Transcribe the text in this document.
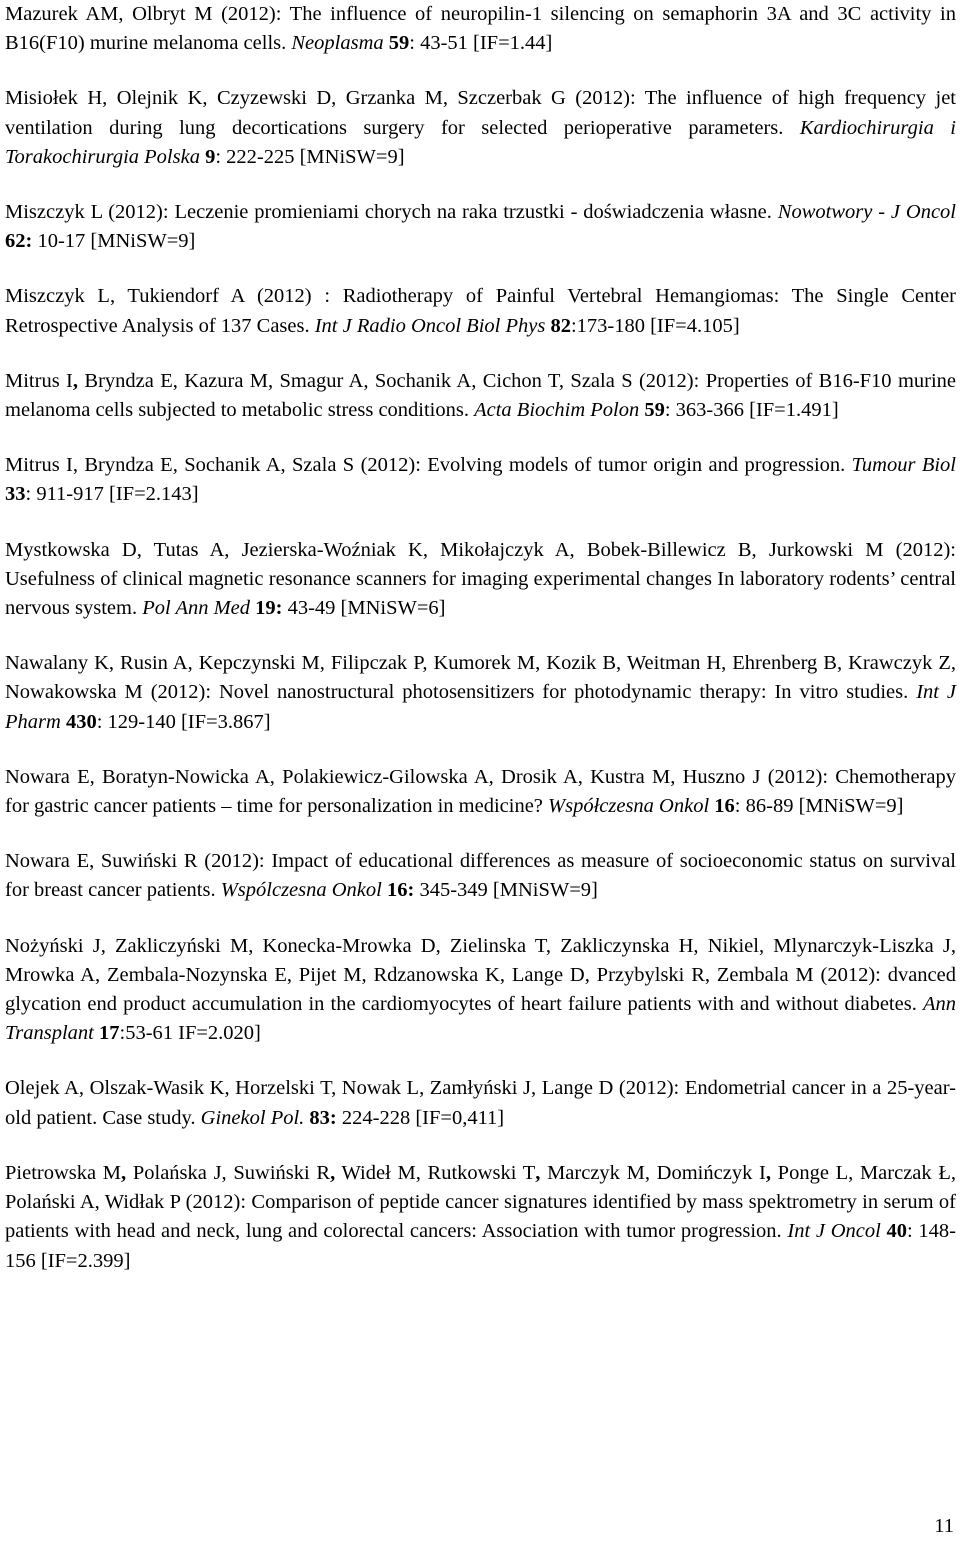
Mazurek AM, Olbryt M (2012): The influence of neuropilin-1 silencing on semaphorin 3A and 3C activity in B16(F10) murine melanoma cells. Neoplasma 59: 43-51 [IF=1.44]

Misiołek H, Olejnik K, Czyzewski D, Grzanka M, Szczerbak G (2012): The influence of high frequency jet ventilation during lung decortications surgery for selected perioperative parameters. Kardiochirurgia i Torakochirurgia Polska 9: 222-225 [MNiSW=9]

Miszczyk L (2012): Leczenie promieniami chorych na raka trzustki - doświadczenia własne. Nowotwory - J Oncol 62: 10-17 [MNiSW=9]

Miszczyk L, Tukiendorf A (2012) : Radiotherapy of Painful Vertebral Hemangiomas: The Single Center Retrospective Analysis of 137 Cases. Int J Radio Oncol Biol Phys 82:173-180 [IF=4.105]

Mitrus I, Bryndza E, Kazura M, Smagur A, Sochanik A, Cichon T, Szala S (2012): Properties of B16-F10 murine melanoma cells subjected to metabolic stress conditions. Acta Biochim Polon 59: 363-366 [IF=1.491]

Mitrus I, Bryndza E, Sochanik A, Szala S (2012): Evolving models of tumor origin and progression. Tumour Biol 33: 911-917 [IF=2.143]

Mystkowska D, Tutas A, Jezierska-Woźniak K, Mikołajczyk A, Bobek-Billewicz B, Jurkowski M (2012): Usefulness of clinical magnetic resonance scanners for imaging experimental changes In laboratory rodents’ central nervous system. Pol Ann Med 19: 43-49 [MNiSW=6]

Nawalany K, Rusin A, Kepczynski M, Filipczak P, Kumorek M, Kozik B, Weitman H, Ehrenberg B, Krawczyk Z, Nowakowska M (2012): Novel nanostructural photosensitizers for photodynamic therapy: In vitro studies. Int J Pharm 430: 129-140 [IF=3.867]

Nowara E, Boratyn-Nowicka A, Polakiewicz-Gilowska A, Drosik A, Kustra M, Huszno J (2012): Chemotherapy for gastric cancer patients – time for personalization in medicine? Współczesna Onkol 16: 86-89 [MNiSW=9]

Nowara E, Suwiński R (2012): Impact of educational differences as measure of socioeconomic status on survival for breast cancer patients. Wspólczesna Onkol 16: 345-349 [MNiSW=9]

Nożyński J, Zakliczyński M, Konecka-Mrowka D, Zielinska T, Zakliczynska H, Nikiel, Mlynarczyk-Liszka J, Mrowka A, Zembala-Nozynska E, Pijet M, Rdzanowska K, Lange D, Przybylski R, Zembala M (2012): dvanced glycation end product accumulation in the cardiomyocytes of heart failure patients with and without diabetes. Ann Transplant 17:53-61 IF=2.020]

Olejek A, Olszak-Wasik K, Horzelski T, Nowak L, Zamłyński J, Lange D (2012): Endometrial cancer in a 25-year-old patient. Case study. Ginekol Pol. 83: 224-228 [IF=0,411]

Pietrowska M, Polańska J, Suwiński R, Wideł M, Rutkowski T, Marczyk M, Domińczyk I, Ponge L, Marczak Ł, Polański A, Widłak P (2012): Comparison of peptide cancer signatures identified by mass spektrometry in serum of patients with head and neck, lung and colorectal cancers: Association with tumor progression. Int J Oncol 40: 148-156 [IF=2.399]

11
